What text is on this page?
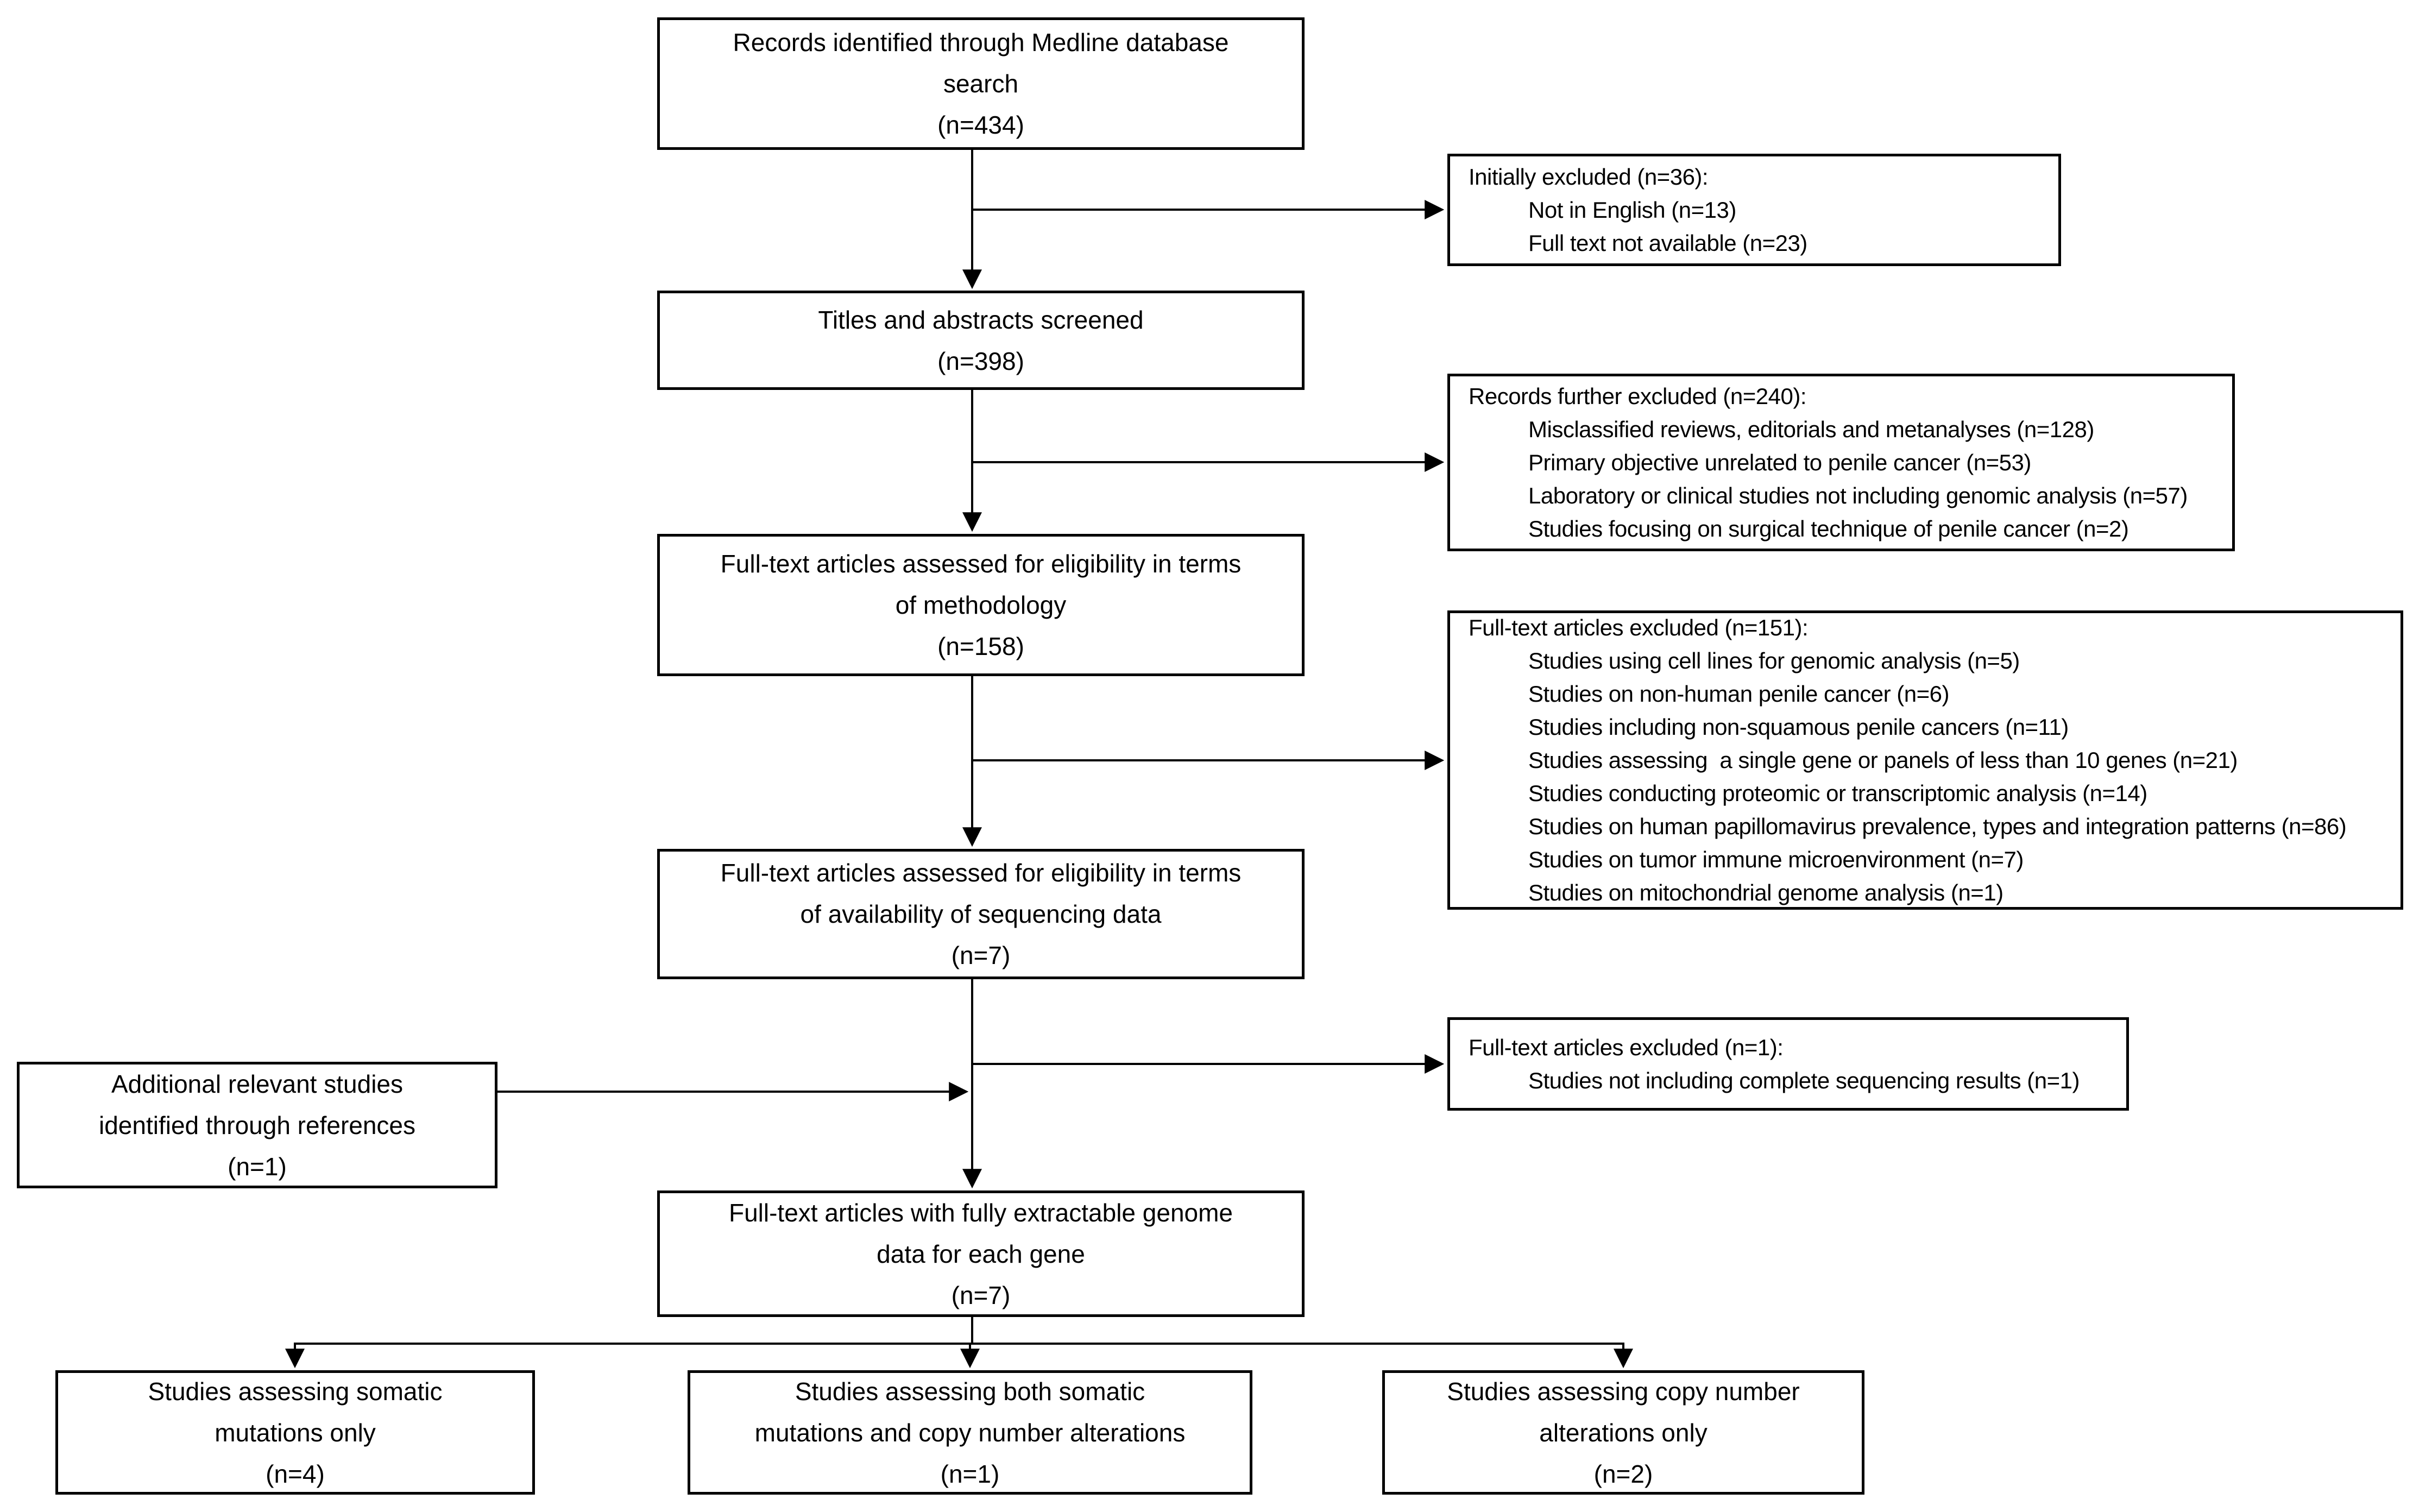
Records identified through Medline database
search
(n=434)
Titles and abstracts screened
(n=398)
Full-text articles assessed for eligibility in terms
of methodology
(n=158)
Full-text articles assessed for eligibility in terms
of availability of sequencing data
(n=7)
Full-text articles with fully extractable genome
data for each gene
(n=7)
Initially excluded (n=36):
Not in English (n=13)
Full text not available (n=23)
Records further excluded (n=240):
Misclassified reviews, editorials and metanalyses (n=128)
Primary objective unrelated to penile cancer (n=53)
Laboratory or clinical studies not including genomic analysis (n=57)
Studies focusing on surgical technique of penile cancer (n=2)
Full-text articles excluded (n=151):
Studies using cell lines for genomic analysis (n=5)
Studies on non-human penile cancer (n=6)
Studies including non-squamous penile cancers (n=11)
Studies assessing  a single gene or panels of less than 10 genes (n=21)
Studies conducting proteomic or transcriptomic analysis (n=14)
Studies on human papillomavirus prevalence, types and integration patterns (n=86)
Studies on tumor immune microenvironment (n=7)
Studies on mitochondrial genome analysis (n=1)
Full-text articles excluded (n=1):
Studies not including complete sequencing results (n=1)
Additional relevant studies
identified through references
(n=1)
Studies assessing somatic
mutations only
(n=4)
Studies assessing both somatic
mutations and copy number alterations
(n=1)
Studies assessing copy number
alterations only
(n=2)
